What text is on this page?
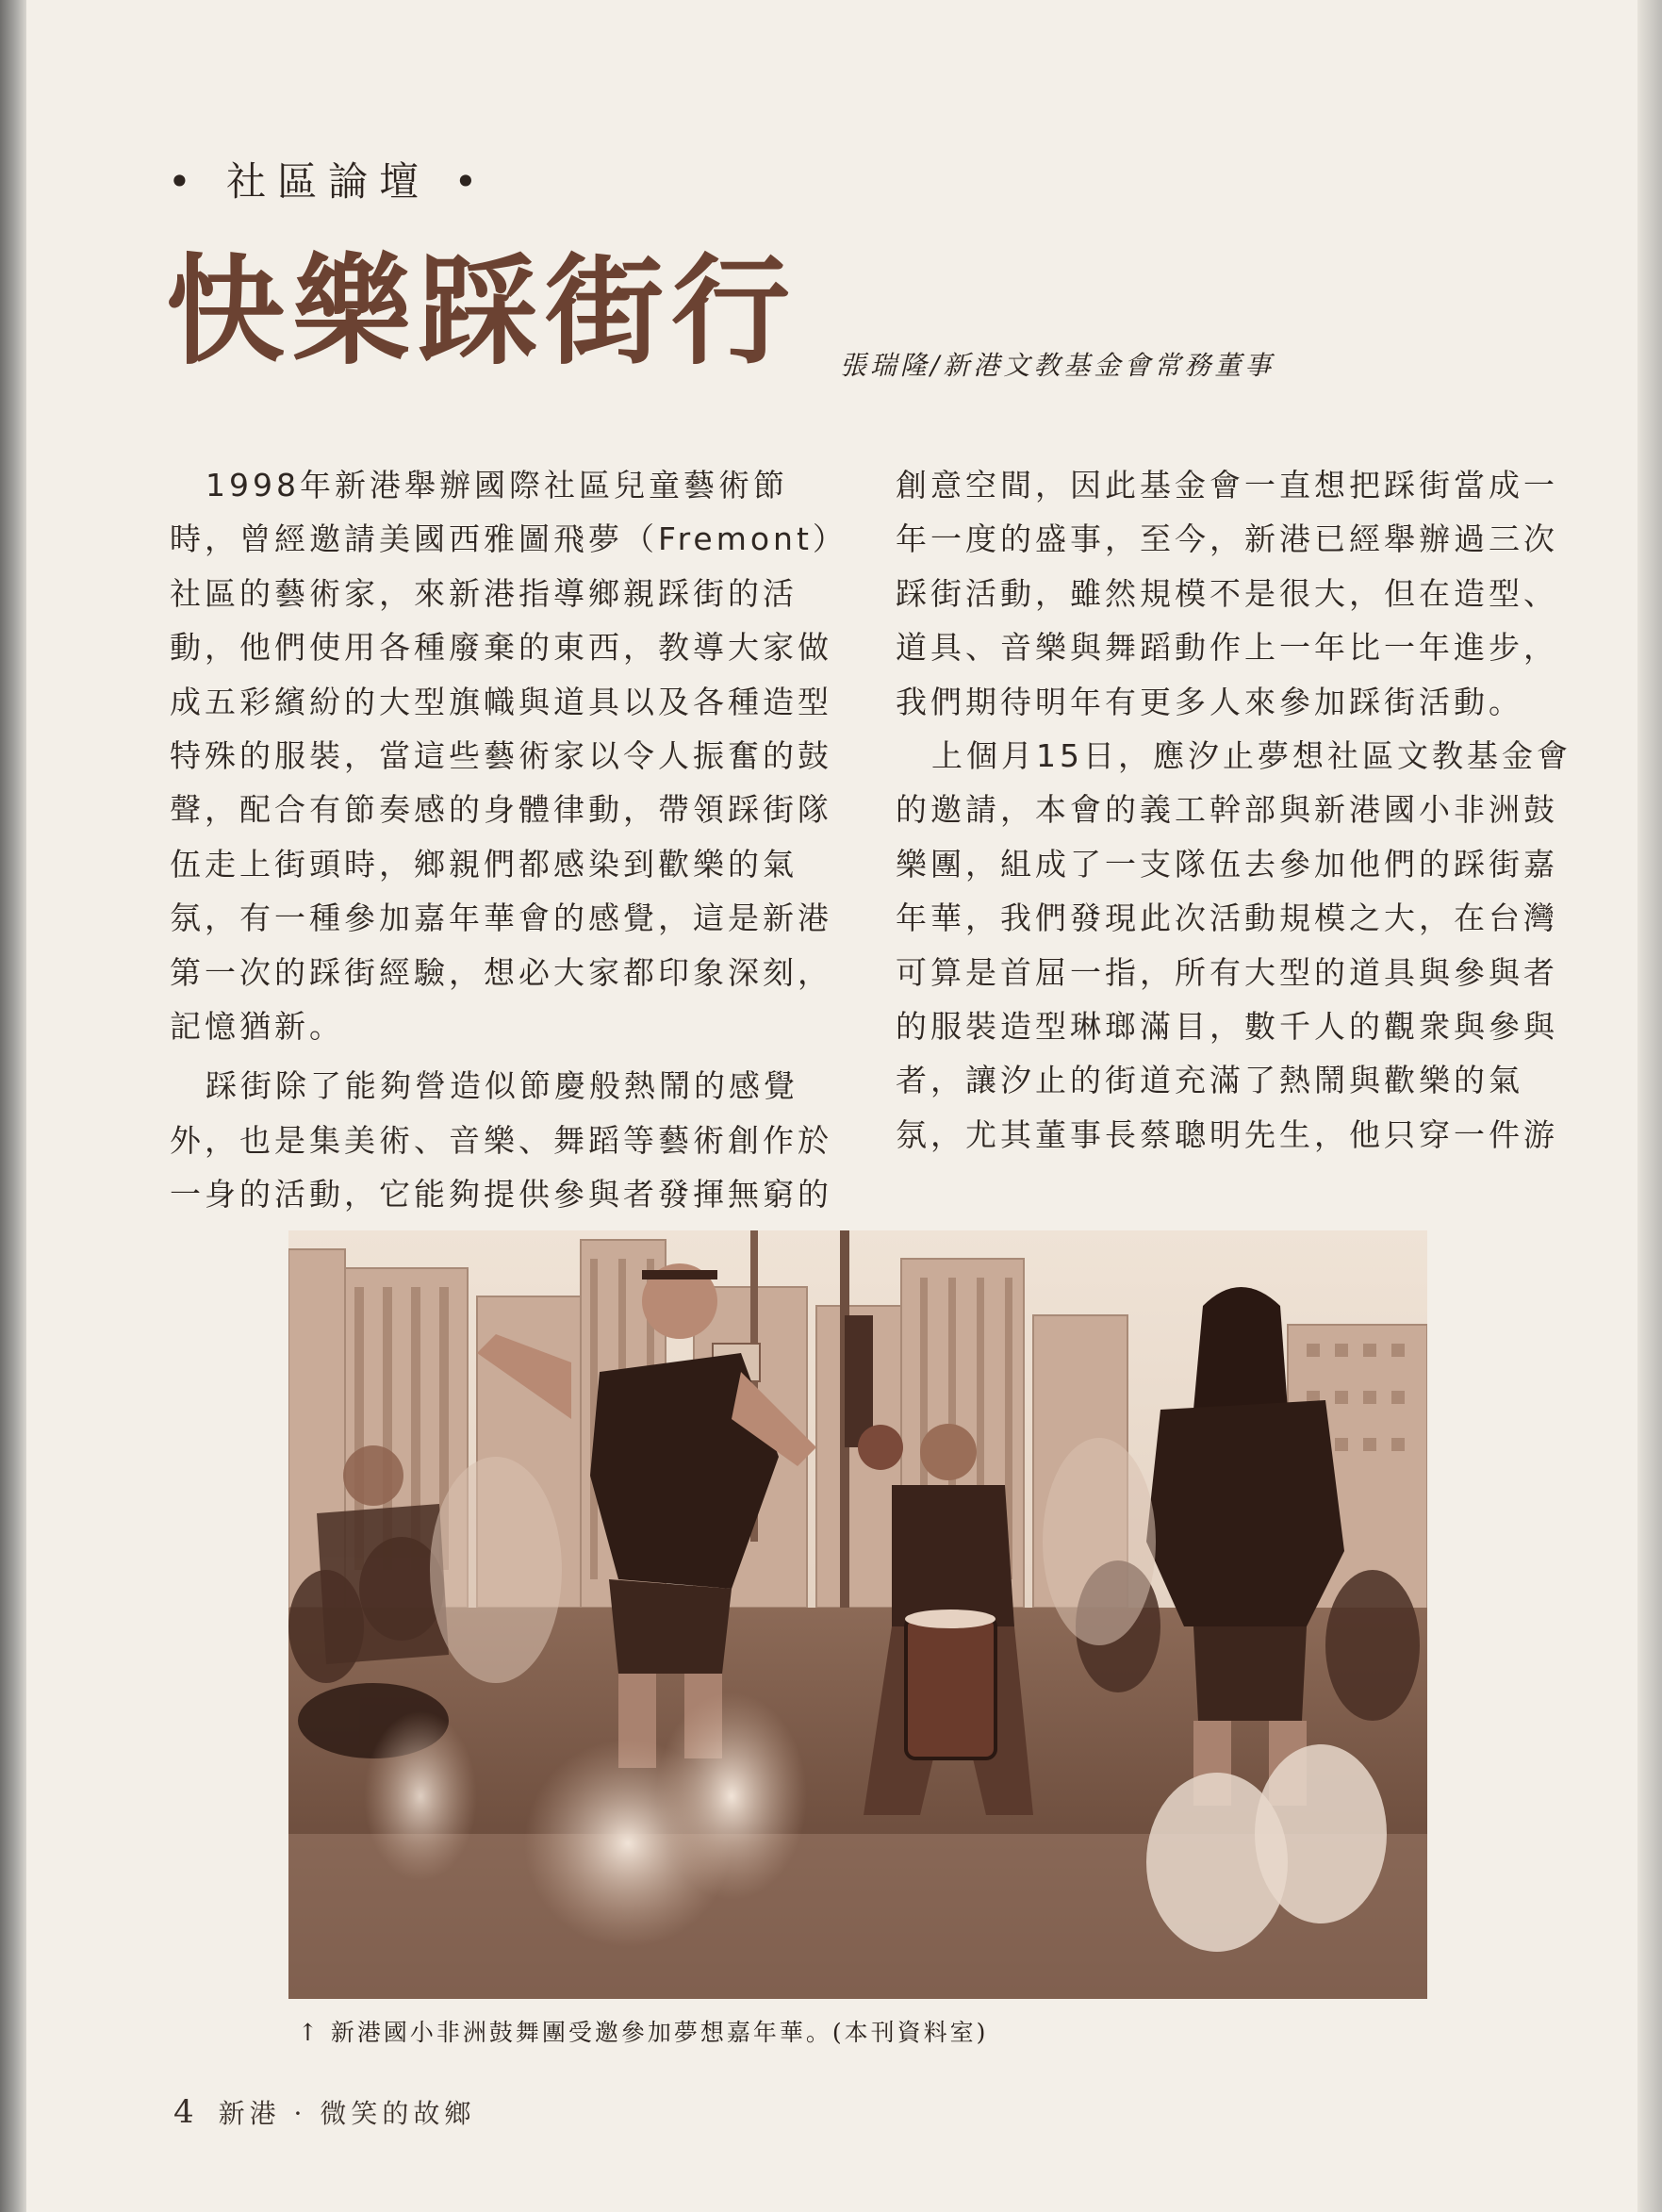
• 社區論壇 •
快樂踩街行 張瑞隆/新港文教基金會常務董事

1998年新港舉辦國際社區兒童藝術節時，曾經邀請美國西雅圖飛夢（Fremont）社區的藝術家，來新港指導鄉親踩街的活動，他們使用各種廢棄的東西，教導大家做成五彩繽紛的大型旗幟與道具以及各種造型特殊的服裝，當這些藝術家以令人振奮的鼓聲，配合有節奏感的身體律動，帶領踩街隊伍走上街頭時，鄉親們都感染到歡樂的氣氛，有一種參加嘉年華會的感覺，這是新港第一次的踩街經驗，想必大家都印象深刻，記憶猶新。

踩街除了能夠營造似節慶般熱鬧的感覺外，也是集美術、音樂、舞蹈等藝術創作於一身的活動，它能夠提供參與者發揮無窮的

創意空間，因此基金會一直想把踩街當成一年一度的盛事，至今，新港已經舉辦過三次踩街活動，雖然規模不是很大，但在造型、道具、音樂與舞蹈動作上一年比一年進步，我們期待明年有更多人來參加踩街活動。

上個月15日，應汐止夢想社區文教基金會的邀請，本會的義工幹部與新港國小非洲鼓樂團，組成了一支隊伍去參加他們的踩街嘉年華，我們發現此次活動規模之大，在台灣可算是首屈一指，所有大型的道具與參與者的服裝造型琳瑯滿目，數千人的觀衆與參與者，讓汐止的街道充滿了熱鬧與歡樂的氣氛，尤其董事長蔡聰明先生，他只穿一件游

↑ 新港國小非洲鼓舞團受邀參加夢想嘉年華。(本刊資料室)
4 新港 · 微笑的故鄉
